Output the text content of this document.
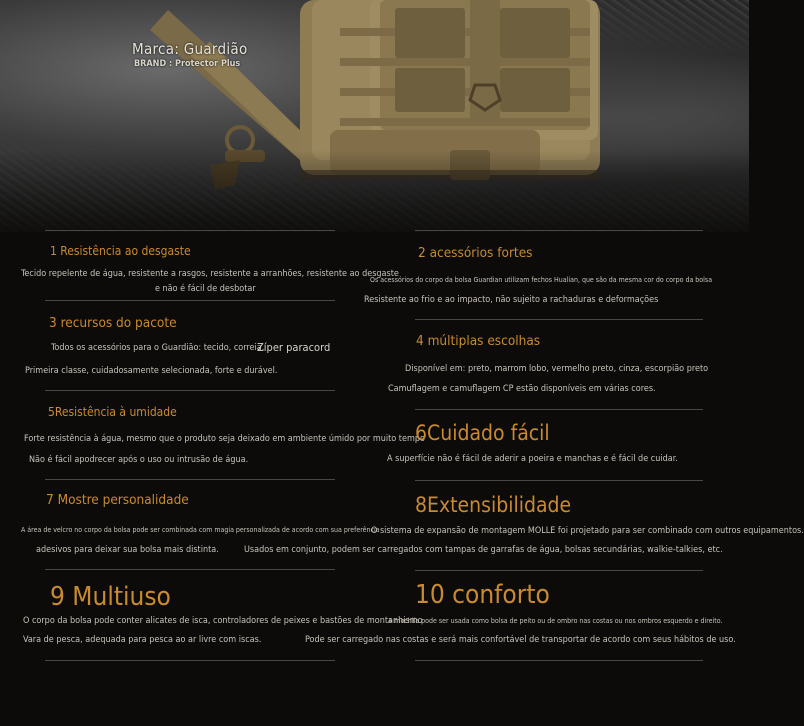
Marca: Guardião
BRAND : Protector Plus
1 Resistência ao desgaste
Tecido repelente de água, resistente a rasgos, resistente a arranhões, resistente ao desgaste
e não é fácil de desbotar
2 acessórios fortes
Os acessórios do corpo da bolsa Guardian utilizam fechos Hualian, que são da mesma cor do corpo da bolsa
Resistente ao frio e ao impacto, não sujeito a rachaduras e deformações
3 recursos do pacote
Todos os acessórios para o Guardião: tecido, correia,
Zíper paracord
Primeira classe, cuidadosamente selecionada, forte e durável.
4 múltiplas escolhas
Disponível em: preto, marrom lobo, vermelho preto, cinza, escorpião preto
Camuflagem e camuflagem CP estão disponíveis em várias cores.
5Resistência à umidade
Forte resistência à água, mesmo que o produto seja deixado em ambiente úmido por muito tempo
Não é fácil apodrecer após o uso ou intrusão de água.
6Cuidado fácil
A superfície não é fácil de aderir a poeira e manchas e é fácil de cuidar.
7 Mostre personalidade
A área de velcro no corpo da bolsa pode ser combinada com magia personalizada de acordo com sua preferência
adesivos para deixar sua bolsa mais distinta.
8Extensibilidade
O sistema de expansão de montagem MOLLE foi projetado para ser combinado com outros equipamentos.
Usados em conjunto, podem ser carregados com tampas de garrafas de água, bolsas secundárias, walkie-talkies, etc.
9 Multiuso
O corpo da bolsa pode conter alicates de isca, controladores de peixes e bastões de montanhismo
Vara de pesca, adequada para pesca ao ar livre com iscas.
10 conforto
A mochila pode ser usada como bolsa de peito ou de ombro nas costas ou nos ombros esquerdo e direito.
Pode ser carregado nas costas e será mais confortável de transportar de acordo com seus hábitos de uso.
